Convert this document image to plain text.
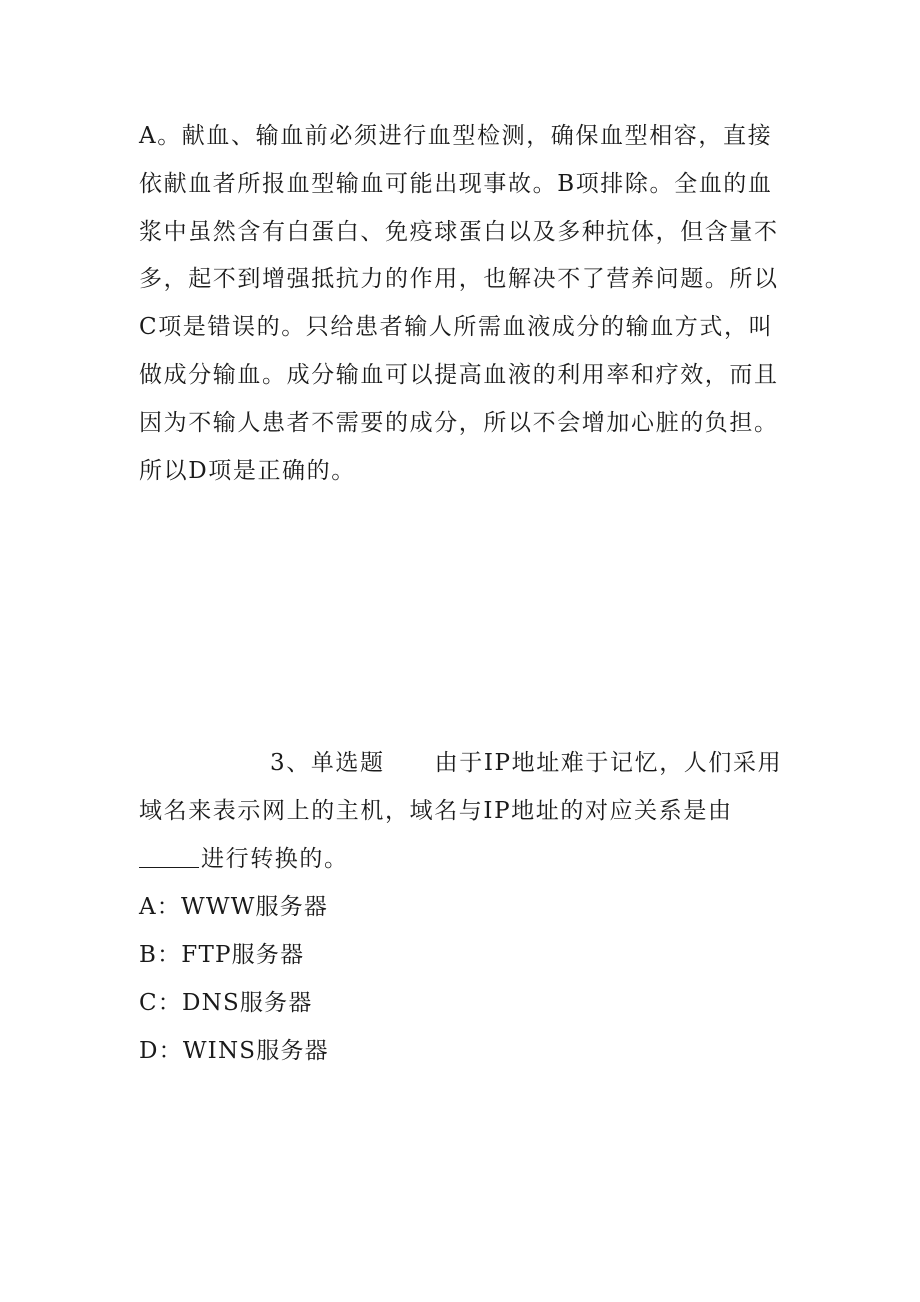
A。献血、输血前必须进行血型检测，确保血型相容，直接
依献血者所报血型输血可能出现事故。B项排除。全血的血
浆中虽然含有白蛋白、免疫球蛋白以及多种抗体，但含量不
多，起不到增强抵抗力的作用，也解决不了营养问题。所以
C项是错误的。只给患者输人所需血液成分的输血方式，叫
做成分输血。成分输血可以提高血液的利用率和疗效，而且
因为不输人患者不需要的成分，所以不会增加心脏的负担。
所以D项是正确的。
3、单选题 由于IP地址难于记忆，人们采用
域名来表示网上的主机，域名与IP地址的对应关系是由
进行转换的。
A：WWW服务器
B：FTP服务器
C：DNS服务器
D：WINS服务器
